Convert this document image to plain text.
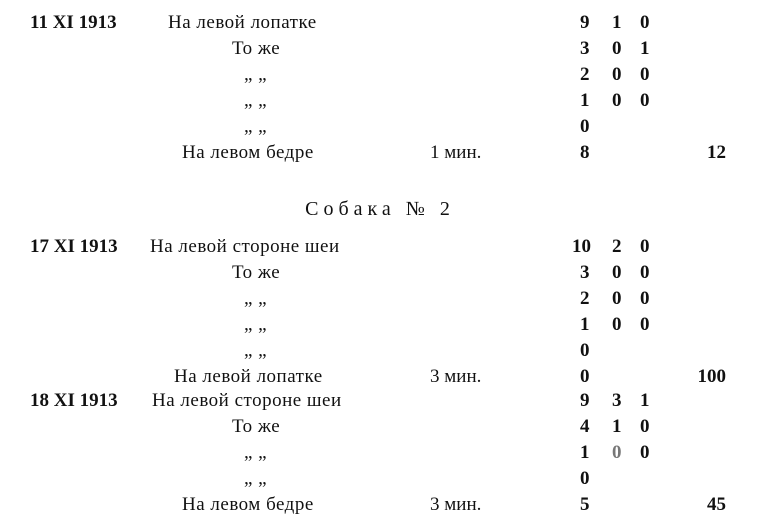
11 XI 1913	На левой лопатке	9 1 0
То же	3 0 1
„ „	2 0 0
„ „	1 0 0
„ „	0
На левом бедре	1 мин.	8	12
Собака № 2
17 XI 1913 На левой стороне шеи	10 2 0
То же	3 0 0
„ „	2 0 0
„ „	1 0 0
„ „	0
На левой лопатке	3 мин.	0	100
18 XI 1913 На левой стороне шеи	9 3 1
То же	4 1 0
„ „	1 0 0
„ „	0
На левом бедре	3 мин.	5	45
